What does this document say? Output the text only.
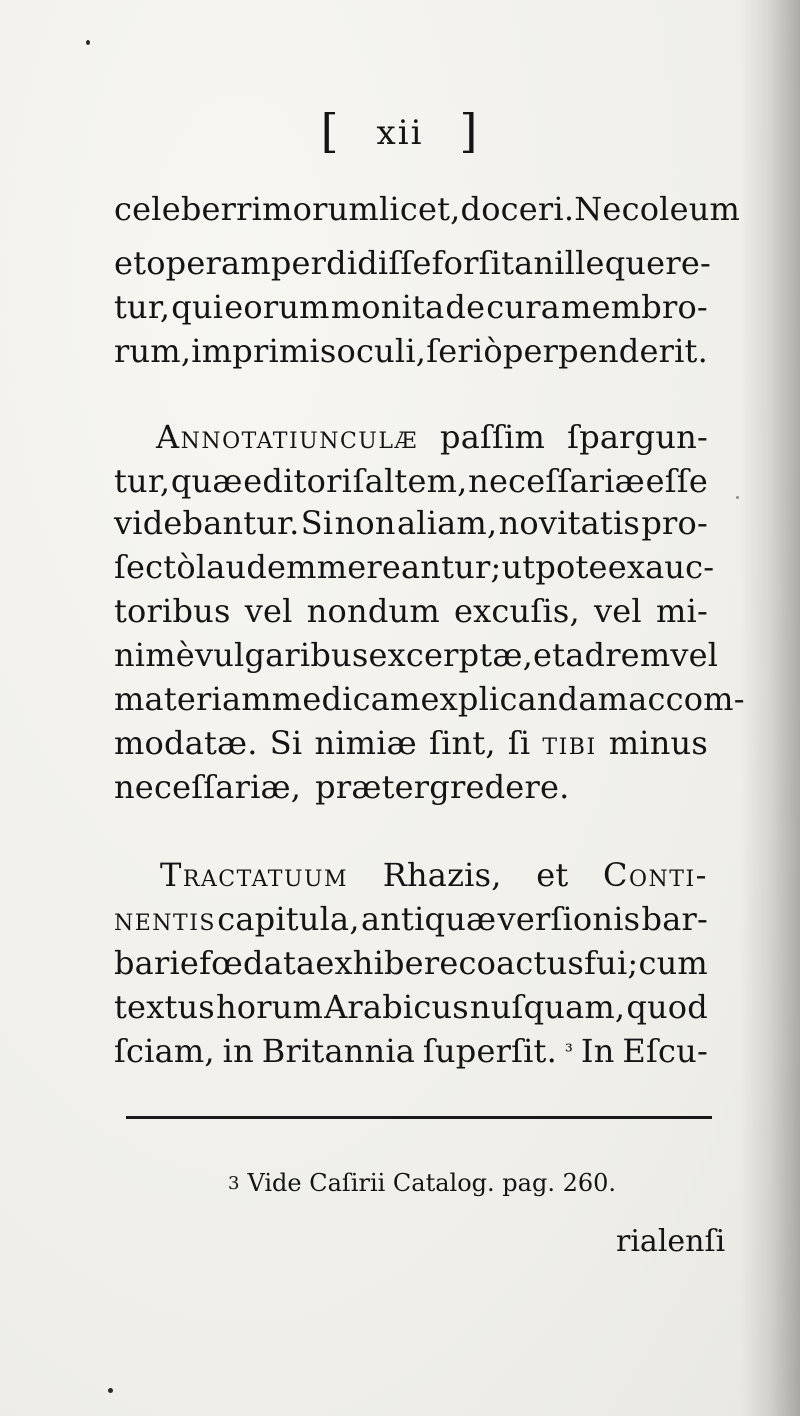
[ xii ]
celeberrimorum licet, doceri. Nec oleum
et operam perdidiſſe forſitan ille quere-
tur, qui eorum monita de cura membro-
rum, imprimis oculi, ſeriò perpenderit.
Annotatiunculæ paſſim ſpargun-
tur, quæ editori ſaltem, neceſſariæ eſſe
videbantur. Si non aliam, novitatis pro-
ſectò laudem mereantur; utpote ex auc-
toribus vel nondum excuſis, vel mi-
nimè vulgaribus excerptæ, et ad rem vel
materiam medicam explicandam accom-
modatæ. Si nimiæ ſint, ſi tibi minus
neceſſariæ, prætergredere.
Tractatuum Rhazis, et Conti-
nentis capitula, antiquæ verſionis bar-
barie fœdata exhibere coactus fui; cum
textus horum Arabicus nuſquam, quod
ſciam, in Britannia ſuperſit. ³ In Eſcu-
3 Vide Caſirii Catalog. pag. 260.
rialenſi
